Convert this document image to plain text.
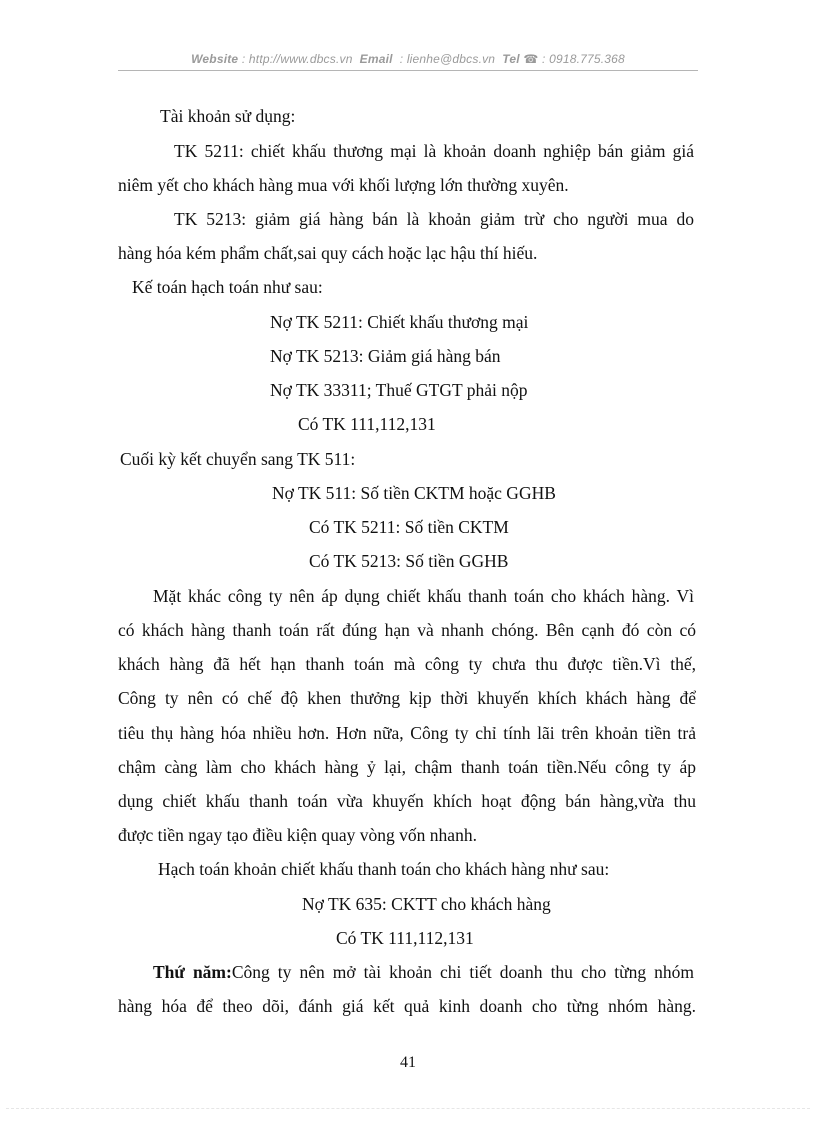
Website : http://www.dbcs.vn Email : lienhe@dbcs.vn Tel ☎ : 0918.775.368
Tài khoản sử dụng:
TK 5211: chiết khấu thương mại là khoản doanh nghiệp bán giảm giá
niêm yết cho khách hàng mua với khối lượng lớn thường xuyên.
TK 5213: giảm giá hàng bán là khoản giảm trừ cho người mua do
hàng hóa kém phẩm chất,sai quy cách hoặc lạc hậu thí hiếu.
Kế toán hạch toán như sau:
Nợ TK 5211: Chiết khấu thương mại
Nợ TK 5213: Giảm giá hàng bán
Nợ TK 33311; Thuế GTGT phải nộp
Có TK 111,112,131
Cuối kỳ kết chuyển sang TK 511:
Nợ TK 511: Số tiền CKTM hoặc GGHB
Có TK 5211: Số tiền CKTM
Có TK 5213: Số tiền GGHB
Mặt khác công ty nên áp dụng chiết khấu thanh toán cho khách hàng. Vì
có khách hàng thanh toán rất đúng hạn và nhanh chóng. Bên cạnh đó còn có
khách hàng đã hết hạn thanh toán mà công ty chưa thu được tiền.Vì thế,
Công ty nên có chế độ khen thưởng kịp thời khuyến khích khách hàng để
tiêu thụ hàng hóa nhiều hơn. Hơn nữa, Công ty chỉ tính lãi trên khoản tiền trả
chậm càng làm cho khách hàng ỷ lại, chậm thanh toán tiền.Nếu công ty áp
dụng chiết khấu thanh toán vừa khuyến khích hoạt động bán hàng,vừa thu
được tiền ngay tạo điều kiện quay vòng vốn nhanh.
Hạch toán khoản chiết khấu thanh toán cho khách hàng như sau:
Nợ TK 635: CKTT cho khách hàng
Có TK 111,112,131
Thứ năm:Công ty nên mở tài khoản chi tiết doanh thu cho từng nhóm
hàng hóa để theo dõi, đánh giá kết quả kinh doanh cho từng nhóm hàng.
41
